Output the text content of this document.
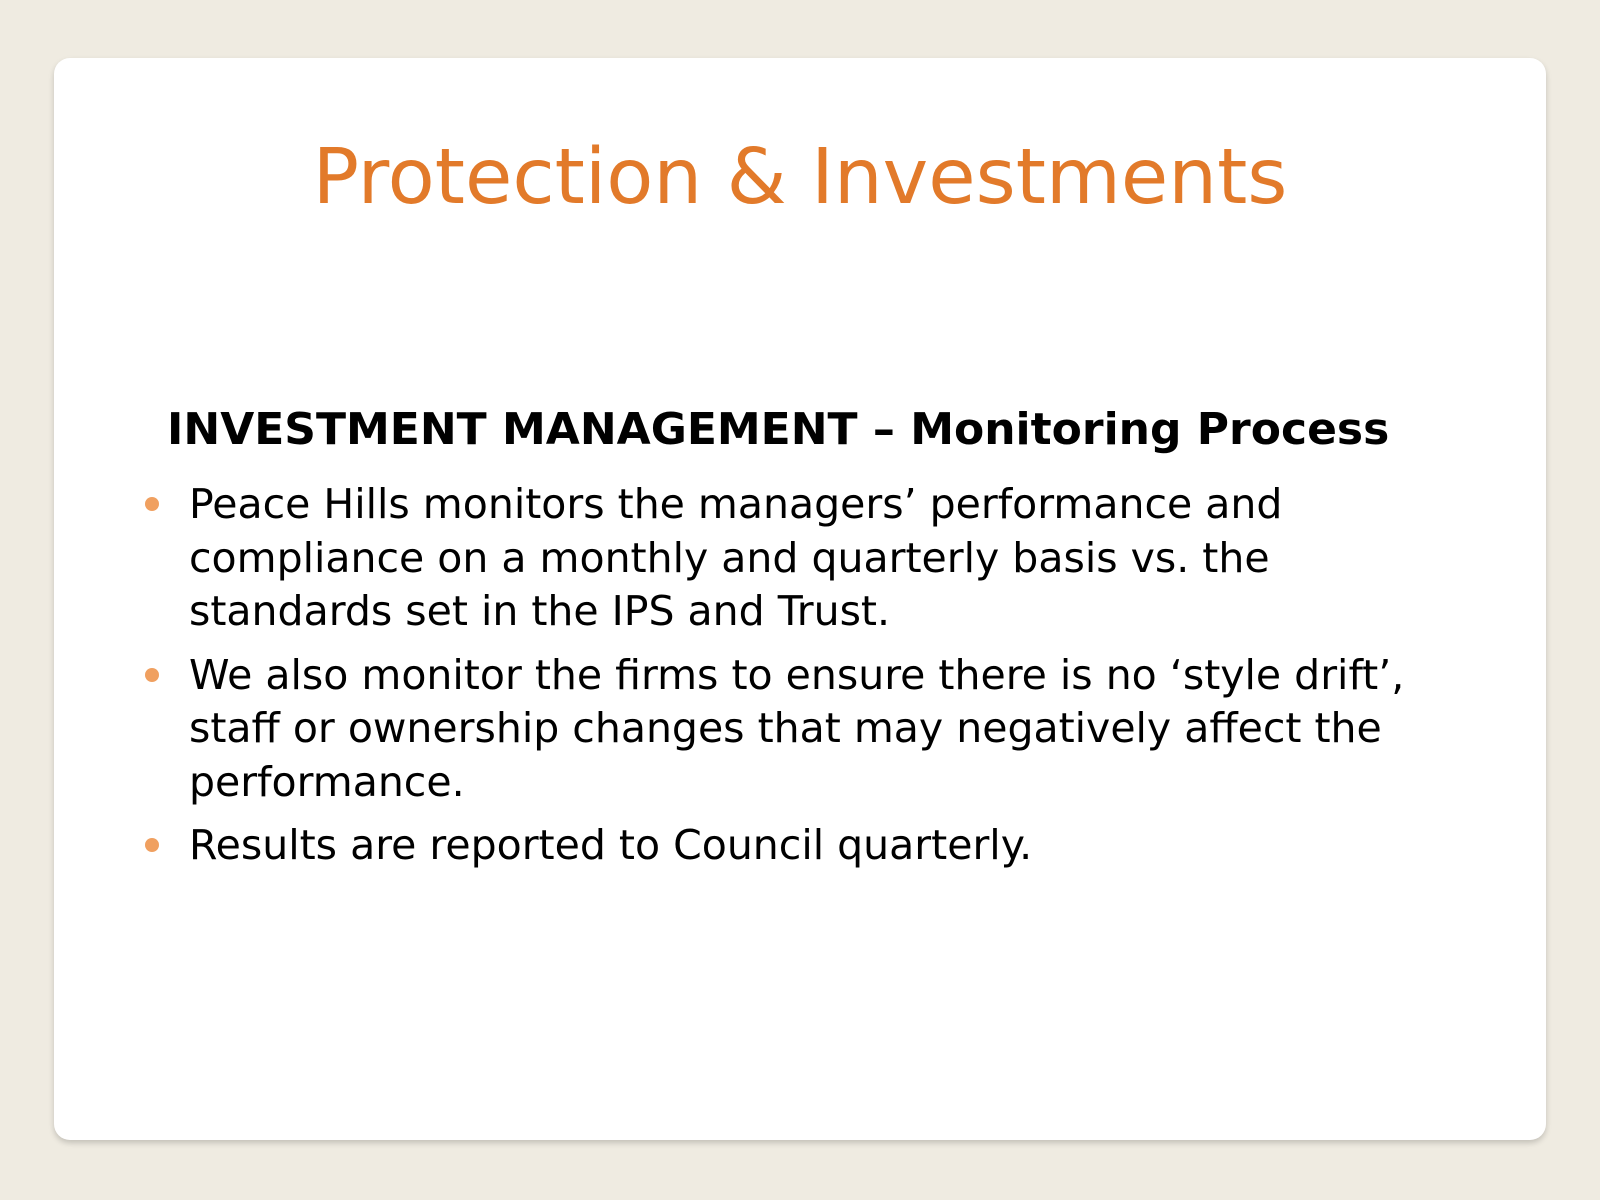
Protection & Investments
INVESTMENT MANAGEMENT – Monitoring Process
Peace Hills monitors the managers’ performance and compliance on a monthly and quarterly basis vs. the standards set in the IPS and Trust.
We also monitor the firms to ensure there is no ‘style drift’, staff or ownership changes that may negatively affect the performance.
Results are reported to Council quarterly.
